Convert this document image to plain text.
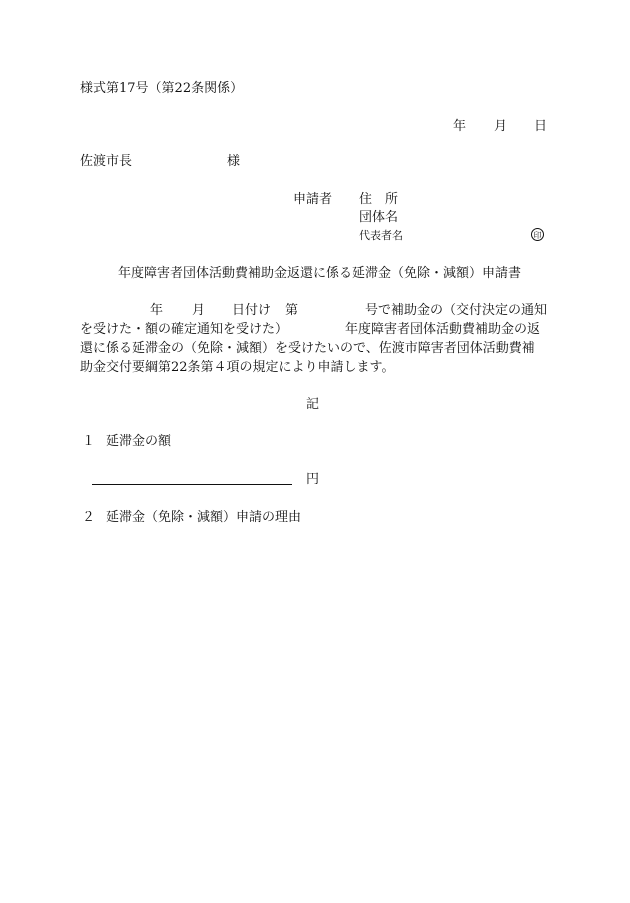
様式第17号（第22条関係）
年 月 日
佐渡市長	様
申請者 住　所
団体名
代表者名	印
年度障害者団体活動費補助金返還に係る延滞金（免除・減額）申請書
年 月 日付け 第	号で補助金の（交付決定の通知
を受けた・額の確定通知を受けた）	年度障害者団体活動費補助金の返
還に係る延滞金の（免除・減額）を受けたいので、佐渡市障害者団体活動費補
助金交付要綱第22条第４項の規定により申請します。
記
１ 延滞金の額
円
２ 延滞金（免除・減額）申請の理由
